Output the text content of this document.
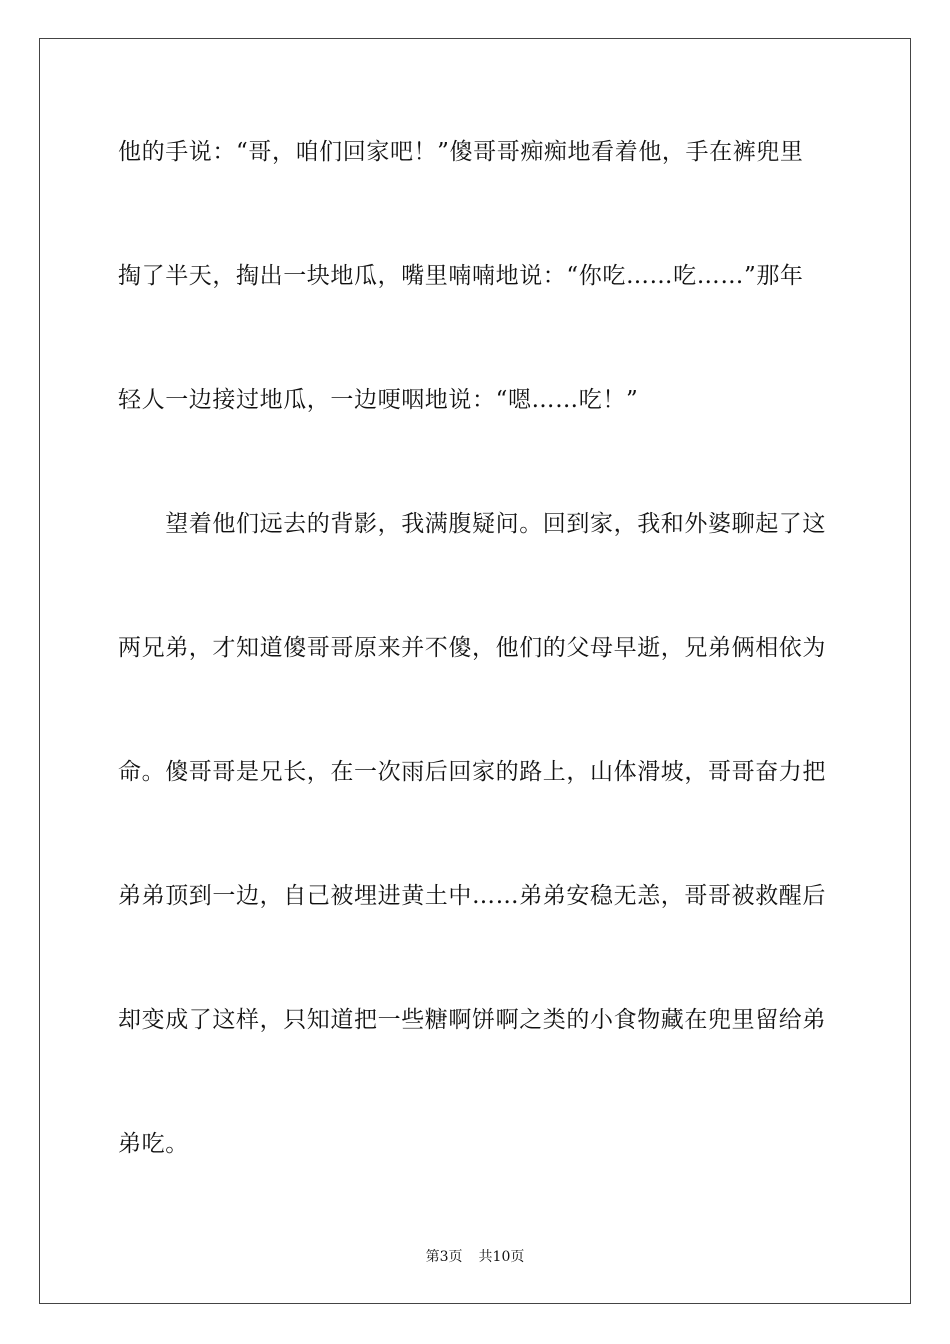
他的手说：“哥，咱们回家吧！”傻哥哥痴痴地看着他，手在裤兜里
掏了半天，掏出一块地瓜，嘴里喃喃地说：“你吃……吃……”那年
轻人一边接过地瓜，一边哽咽地说：“嗯……吃！”
　　望着他们远去的背影，我满腹疑问。回到家，我和外婆聊起了这
两兄弟，才知道傻哥哥原来并不傻，他们的父母早逝，兄弟俩相依为
命。傻哥哥是兄长，在一次雨后回家的路上，山体滑坡，哥哥奋力把
弟弟顶到一边，自己被埋进黄土中……弟弟安稳无恙，哥哥被救醒后
却变成了这样，只知道把一些糖啊饼啊之类的小食物藏在兜里留给弟
弟吃。
第3页 共10页
